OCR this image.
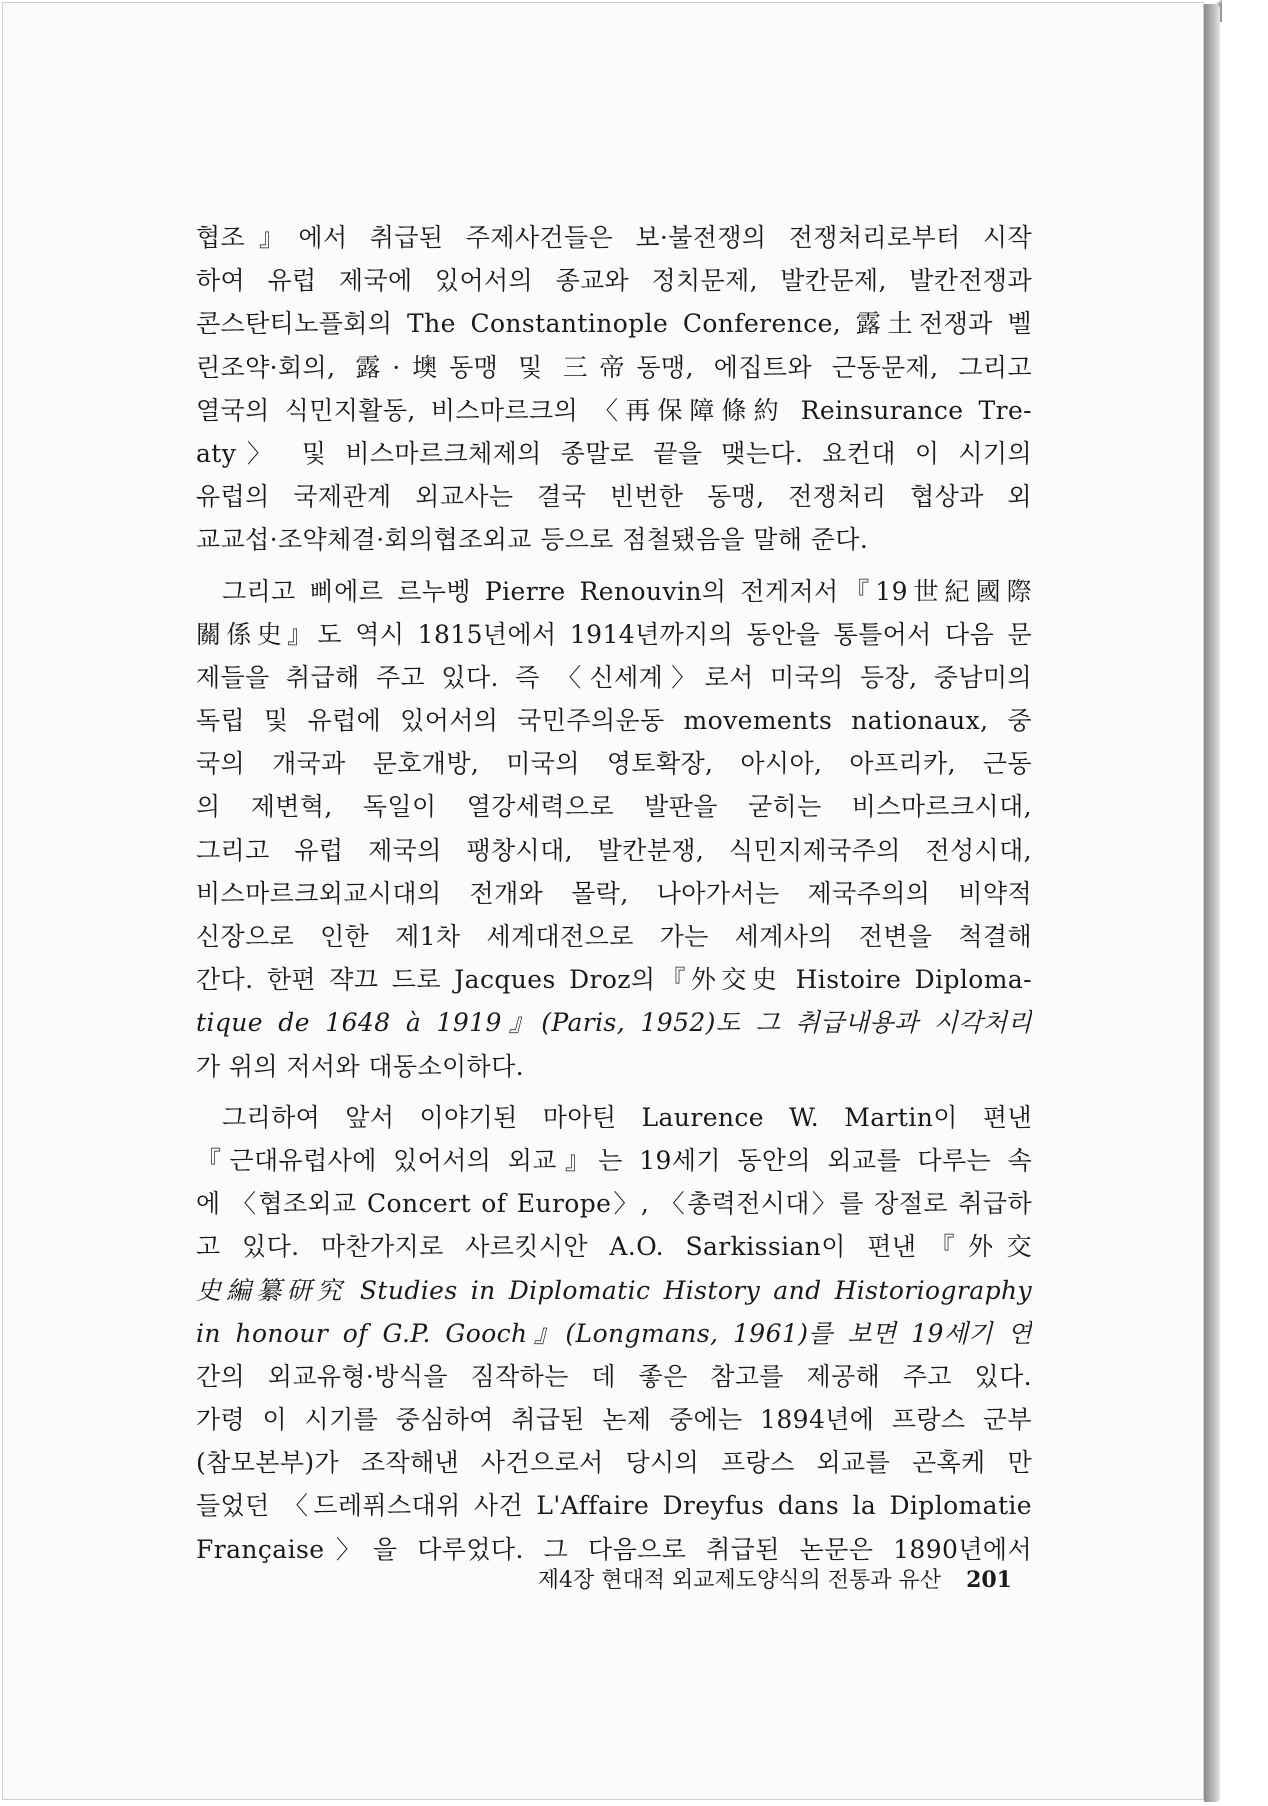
협조』에서 취급된 주제사건들은 보·불전쟁의 전쟁처리로부터 시작
하여 유럽 제국에 있어서의 종교와 정치문제, 발칸문제, 발칸전쟁과
콘스탄티노플회의 The Constantinople Conference, 露土전쟁과 벨
린조약·회의, 露·墺동맹 및 三帝동맹, 에집트와 근동문제, 그리고
열국의 식민지활동, 비스마르크의 〈再保障條約 Reinsurance Tre-
aty〉 및 비스마르크체제의 종말로 끝을 맺는다. 요컨대 이 시기의
유럽의 국제관계 외교사는 결국 빈번한 동맹, 전쟁처리 협상과 외
교교섭·조약체결·회의협조외교 등으로 점철됐음을 말해 준다.
그리고 삐에르 르누벵 Pierre Renouvin의 전게저서『19世紀國際
關係史』도 역시 1815년에서 1914년까지의 동안을 통틀어서 다음 문
제들을 취급해 주고 있다. 즉 〈신세계〉로서 미국의 등장, 중남미의
독립 및 유럽에 있어서의 국민주의운동 movements nationaux, 중
국의 개국과 문호개방, 미국의 영토확장, 아시아, 아프리카, 근동
의 제변혁, 독일이 열강세력으로 발판을 굳히는 비스마르크시대,
그리고 유럽 제국의 팽창시대, 발칸분쟁, 식민지제국주의 전성시대,
비스마르크외교시대의 전개와 몰락, 나아가서는 제국주의의 비약적
신장으로 인한 제1차 세계대전으로 가는 세계사의 전변을 척결해
간다. 한편 쟉끄 드로 Jacques Droz의『外交史 Histoire Diploma-
tique de 1648 à 1919』(Paris, 1952)도 그 취급내용과 시각처리
가 위의 저서와 대동소이하다.
그리하여 앞서 이야기된 마아틴 Laurence W. Martin이 편낸
『근대유럽사에 있어서의 외교』는 19세기 동안의 외교를 다루는 속
에 〈협조외교 Concert of Europe〉, 〈총력전시대〉를 장절로 취급하
고 있다. 마찬가지로 사르킷시안 A.O. Sarkissian이 편낸『外交
史編纂研究 Studies in Diplomatic History and Historiography
in honour of G.P. Gooch』(Longmans, 1961)를 보면 19세기 연
간의 외교유형·방식을 짐작하는 데 좋은 참고를 제공해 주고 있다.
가령 이 시기를 중심하여 취급된 논제 중에는 1894년에 프랑스 군부
(참모본부)가 조작해낸 사건으로서 당시의 프랑스 외교를 곤혹케 만
들었던 〈드레퓌스대위 사건 L'Affaire Dreyfus dans la Diplomatie
Française〉을 다루었다. 그 다음으로 취급된 논문은 1890년에서
제4장 현대적 외교제도양식의 전통과 유산 201
